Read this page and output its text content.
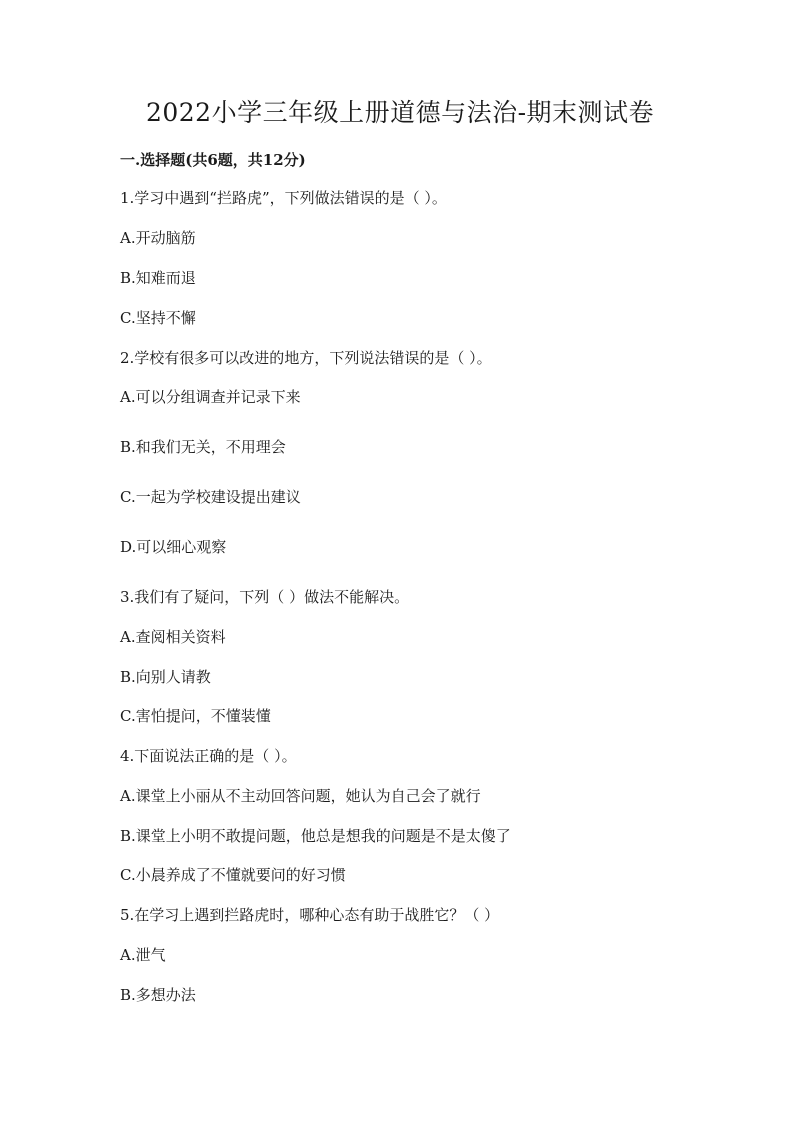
2022小学三年级上册道德与法治-期末测试卷
一.选择题(共6题，共12分)
1.学习中遇到“拦路虎”，下列做法错误的是（ ）。
A.开动脑筋
B.知难而退
C.坚持不懈
2.学校有很多可以改进的地方，下列说法错误的是（ ）。
A.可以分组调查并记录下来
B.和我们无关，不用理会
C.一起为学校建设提出建议
D.可以细心观察
3.我们有了疑问，下列（ ）做法不能解决。
A.查阅相关资料
B.向别人请教
C.害怕提问，不懂装懂
4.下面说法正确的是（ ）。
A.课堂上小丽从不主动回答问题，她认为自己会了就行
B.课堂上小明不敢提问题，他总是想我的问题是不是太傻了
C.小晨养成了不懂就要问的好习惯
5.在学习上遇到拦路虎时，哪种心态有助于战胜它？（ ）
A.泄气
B.多想办法
